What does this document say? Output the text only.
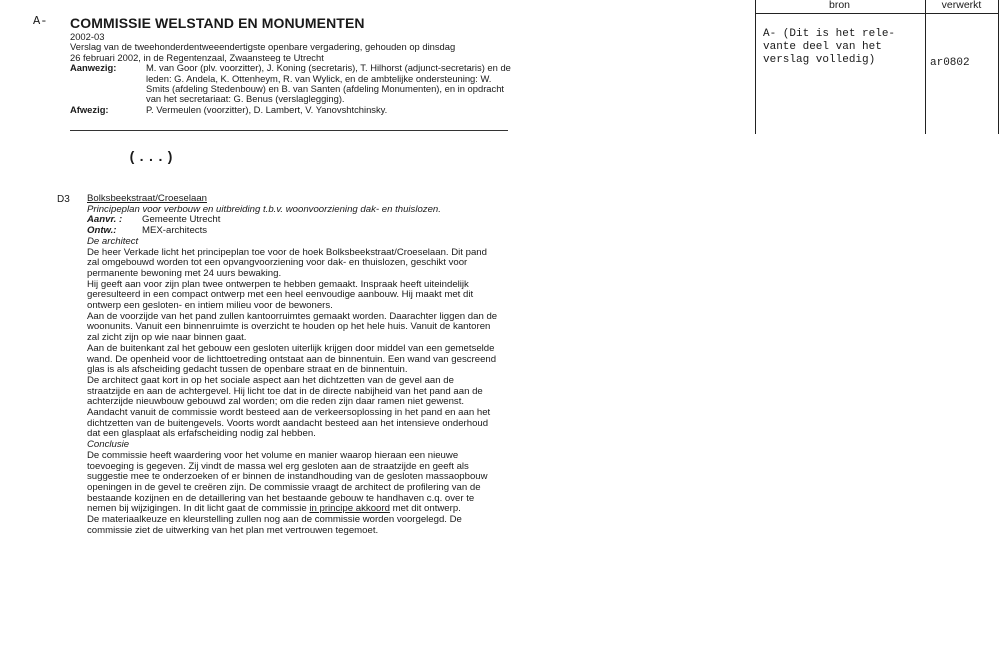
A- COMMISSIE WELSTAND EN MONUMENTEN
2002-03
Verslag van de tweehonderdentweeendertigste openbare vergadering, gehouden op dinsdag
26 februari 2002, in de Regentenzaal, Zwaansteeg te Utrecht
Aanwezig:	M. van Goor (plv. voorzitter), J. Koning (secretaris), T. Hilhorst (adjunct-secretaris) en de leden: G. Andela, K. Ottenheym, R. van Wylick, en de ambtelijke ondersteuning: W. Smits (afdeling Stedenbouw) en B. van Santen (afdeling Monumenten), en in opdracht van het secretariaat: G. Benus (verslaglegging).
Afwezig:	P. Vermeulen (voorzitter), D. Lambert, V. Yanovshtchinsky.
(...)
D3 Bolksbeekstraat/Croeselaan
Principeplan voor verbouw en uitbreiding t.b.v. woonvoorziening dak- en thuislozen.
Aanvr. :	Gemeente Utrecht
Ontw.:	MEX-architects
De architect
De heer Verkade licht het principeplan toe voor de hoek Bolksbeekstraat/Croeselaan. Dit pand zal omgebouwd worden tot een opvangvoorziening voor dak- en thuislozen, geschikt voor permanente bewoning met 24 uurs bewaking.
Hij geeft aan voor zijn plan twee ontwerpen te hebben gemaakt. Inspraak heeft uiteindelijk geresulteerd in een compact ontwerp met een heel eenvoudige aanbouw. Hij maakt met dit ontwerp een gesloten- en intiem milieu voor de bewoners.
Aan de voorzijde van het pand zullen kantoorruimtes gemaakt worden. Daarachter liggen dan de woonunits. Vanuit een binnenruimte is overzicht te houden op het hele huis. Vanuit de kantoren zal zicht zijn op wie naar binnen gaat.
Aan de buitenkant zal het gebouw een gesloten uiterlijk krijgen door middel van een gemetselde wand. De openheid voor de lichttoetreding ontstaat aan de binnentuin. Een wand van gescreend glas is als afscheiding gedacht tussen de openbare straat en de binnentuin.
De architect gaat kort in op het sociale aspect aan het dichtzetten van de gevel aan de straatzijde en aan de achtergevel. Hij licht toe dat in de directe nabijheid van het pand aan de achterzijde nieuwbouw gebouwd zal worden; om die reden zijn daar ramen niet gewenst.
Aandacht vanuit de commissie wordt besteed aan de verkeersoplossing in het pand en aan het dichtzetten van de buitengevels. Voorts wordt aandacht besteed aan het intensieve onderhoud dat een glasplaat als erfafscheiding nodig zal hebben.
Conclusie
De commissie heeft waardering voor het volume en manier waarop hieraan een nieuwe toevoeging is gegeven. Zij vindt de massa wel erg gesloten aan de straatzijde en geeft als suggestie mee te onderzoeken of er binnen de instandhouding van de gesloten massaopbouw openingen in de gevel te creëren zijn. De commissie vraagt de architect de profilering van de bestaande kozijnen en de detaillering van het bestaande gebouw te handhaven c.q. over te nemen bij wijzigingen. In dit licht gaat de commissie in principe akkoord met dit ontwerp.
De materiaalkeuze en kleurstelling zullen nog aan de commissie worden voorgelegd. De commissie ziet de uitwerking van het plan met vertrouwen tegemoet.
bron	verwerkt
A- (Dit is het rele-
vante deel van het
verslag volledig)	ar0802
